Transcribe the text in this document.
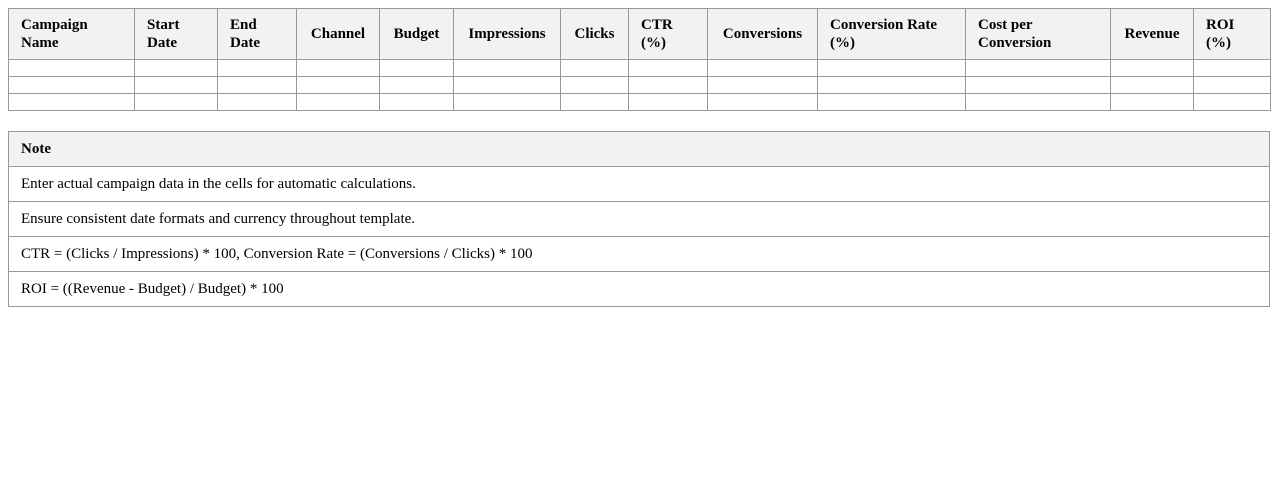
Campaign Name	Start Date	End Date	Channel	Budget	Impressions	Clicks	CTR (%)	Conversions	Conversion Rate (%)	Cost per Conversion	Revenue	ROI (%)

Note
Enter actual campaign data in the cells for automatic calculations.
Ensure consistent date formats and currency throughout template.
CTR = (Clicks / Impressions) * 100, Conversion Rate = (Conversions / Clicks) * 100
ROI = ((Revenue - Budget) / Budget) * 100
